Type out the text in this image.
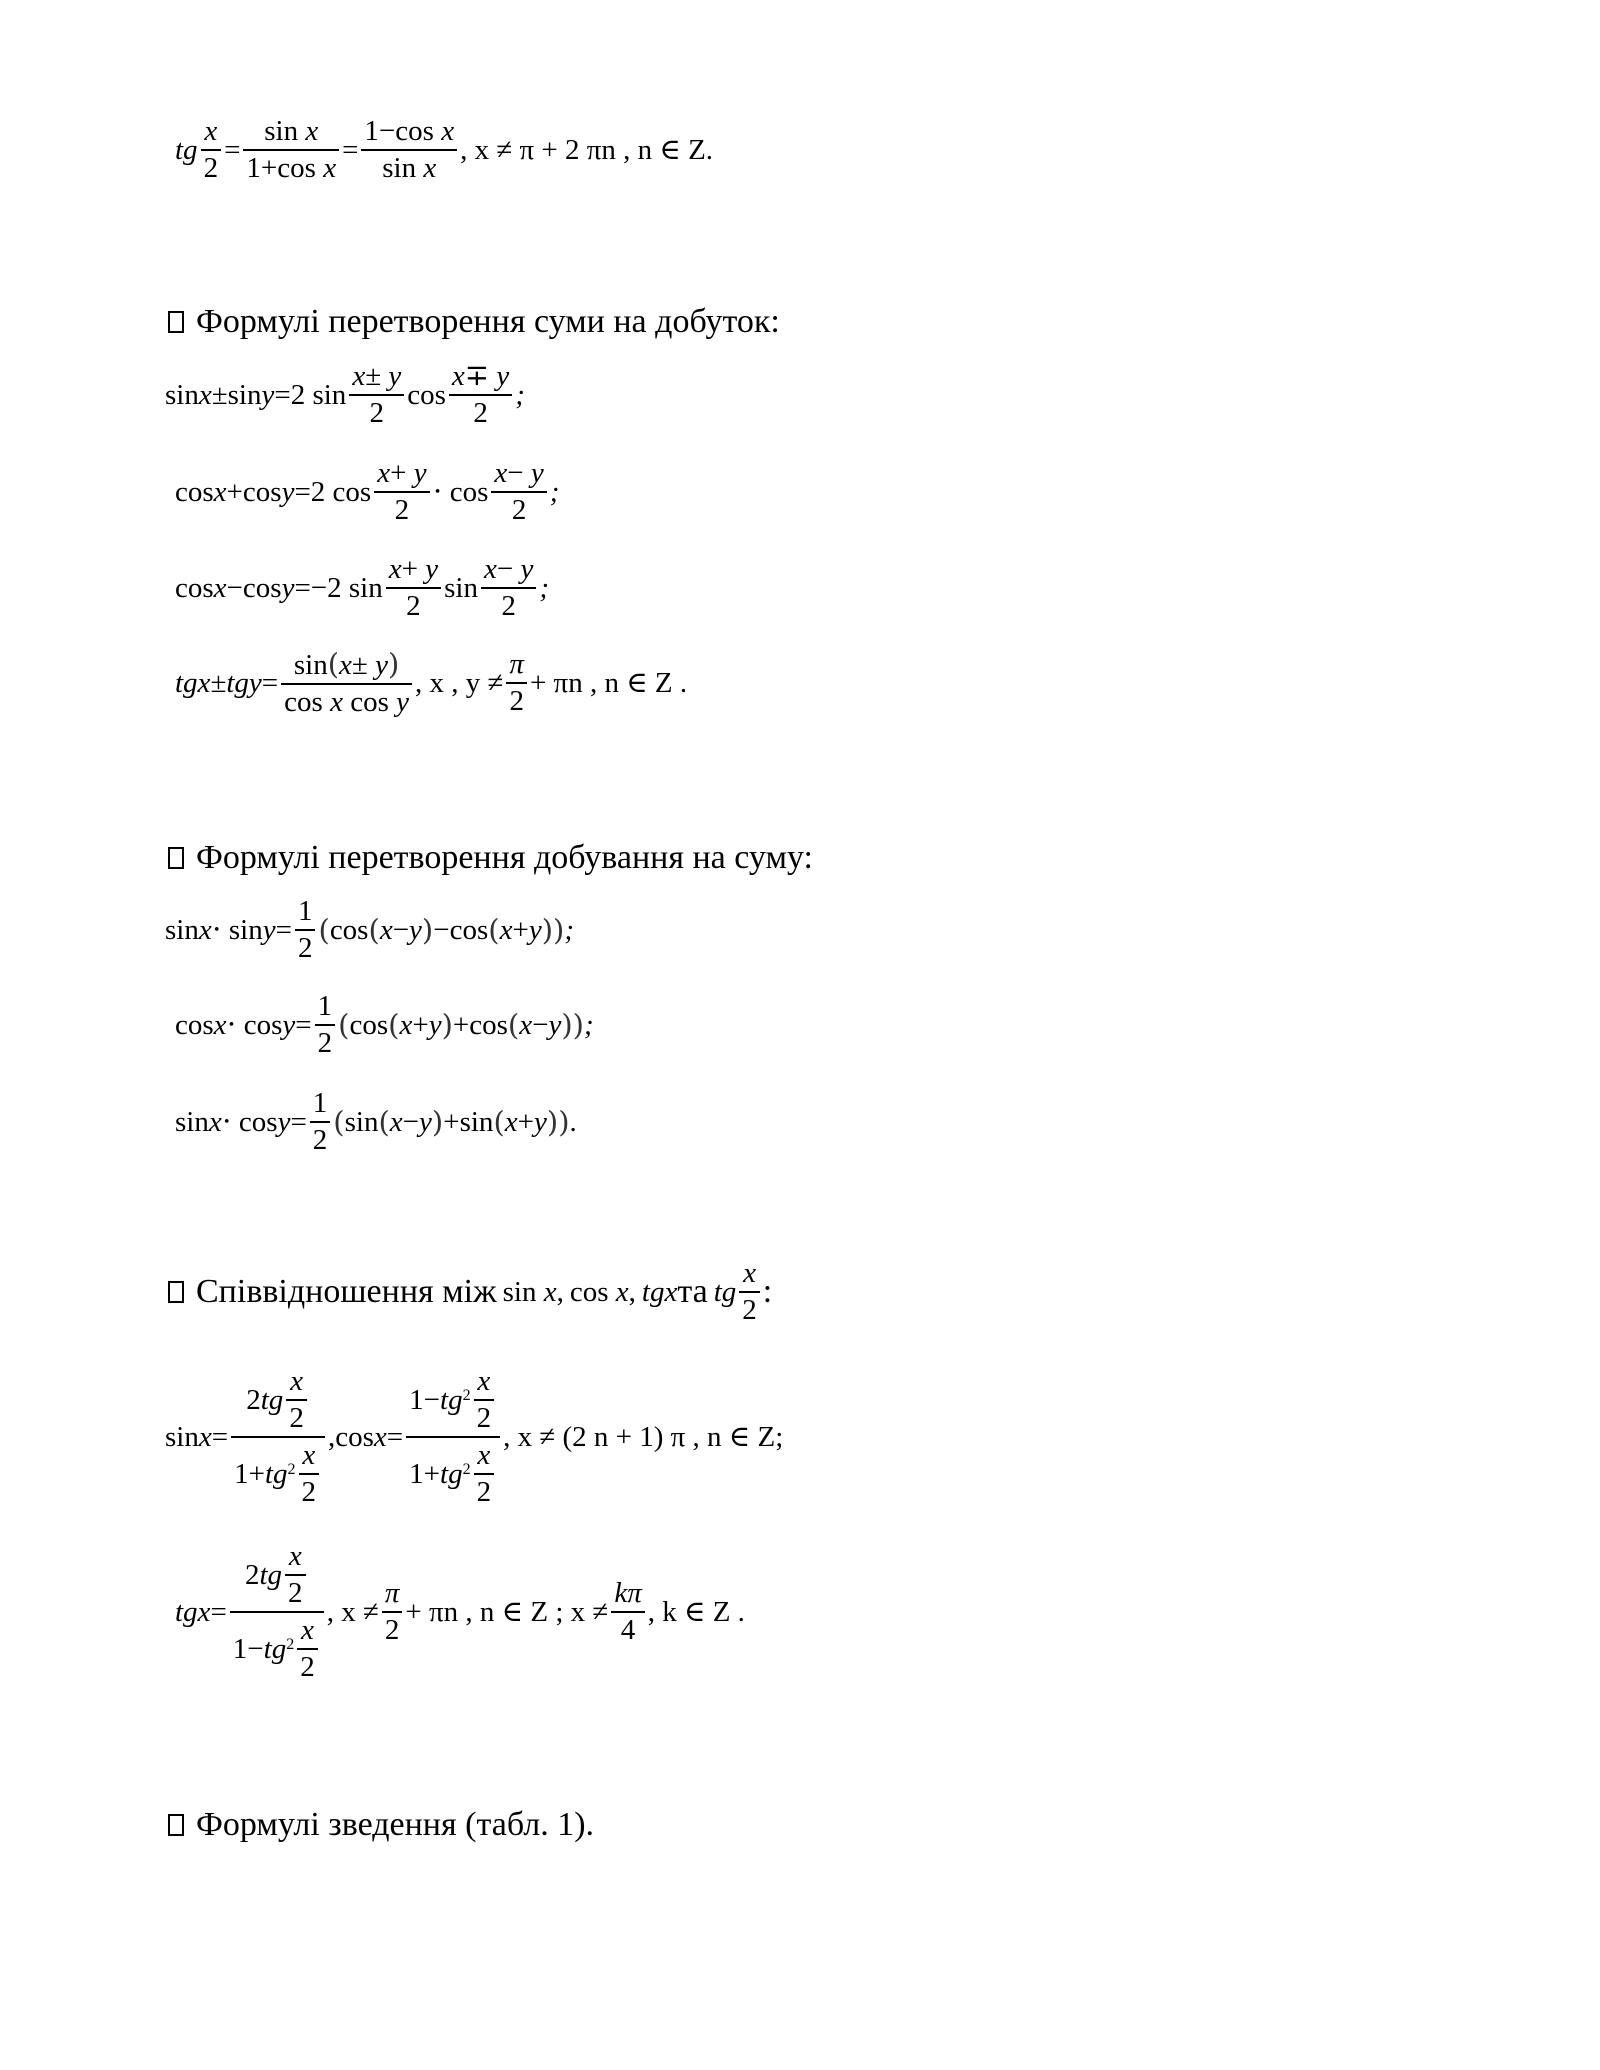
tg $\frac{x}{2} = \frac{\text{sin x}}{\text{1+cos x}} = \frac{\text{1−cos x}}{\text{sin x}}$ , x ≠ π + 2 πn , n ∈ Z.
Формулі перетворення суми на добуток:
sin x ±sin y =2 $\sin \frac{x\pm y}{2}$ $\cos \frac{x\mp y}{2}$ ;
cos x +cos y =2 $\cos \frac{x+ y}{2} \cdot \cos \frac{x- y}{2}$ ;
cos x −cos y =−2 $\sin \frac{x+ y}{2}$ $\sin \frac{x- y}{2}$ ;
tgx ± tgy = $\frac{\sin(x\pm y)}{\text{cos x cos y}}$ , x , $y \ne \frac{\pi}{2} + \pi n$ , n ∈ Z .
Формулі перетворення добування на суму:
$\sin x \cdot \sin y = \frac{1}{2}$ ( cos ( x − y ) −cos ( x + y )) ;
$\cos x \cdot \cos y = \frac{1}{2}$ ( cos ( x + y ) +cos ( x − y )) ;
$\sin x \cdot \cos y = \frac{1}{2}$ ( sin ( x − y ) +sin ( x + y )) .
Співвідношення між sin x, cos x, tgx та tg $\frac{x}{2}$ :
$\sin x = \frac{2 tg \frac{x}{2}}{1+ tg^2 \frac{x}{2}} ,\cos$ $x = \frac{1- tg^2 \frac{x}{2}}{1+ tg^2 \frac{x}{2}}$ , x ≠ (2 n + 1) π , n ∈ Z;
tgx = $\frac{2 tg \frac{x}{2}}{1- tg^2 \frac{x}{2}}$ , $x \ne \frac{\pi}{2} + \pi n$ , n ∈ Z ; $x \ne \frac{k\pi}{4}$ , k ∈ Z .
Формулі зведення (табл. 1).
